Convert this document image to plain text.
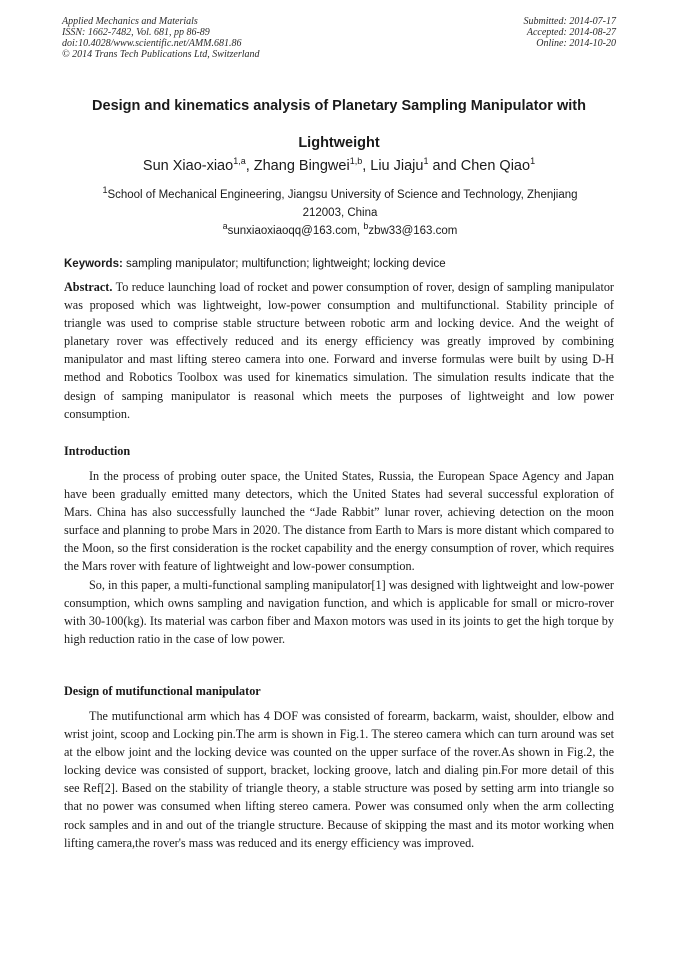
Applied Mechanics and Materials
ISSN: 1662-7482, Vol. 681, pp 86-89
doi:10.4028/www.scientific.net/AMM.681.86
© 2014 Trans Tech Publications Ltd, Switzerland
Submitted: 2014-07-17
Accepted: 2014-08-27
Online: 2014-10-20
Design and kinematics analysis of Planetary Sampling Manipulator with
Lightweight
Sun Xiao-xiao$^{1,a}$, Zhang Bingwei$^{1,b}$, Liu Jiaju$^1$ and Chen Qiao$^1$
$^1$School of Mechanical Engineering, Jiangsu University of Science and Technology, Zhenjiang
212003, China
$^a$sunxiaoxiaoqq@163.com, $^b$zbw33@163.com
Keywords: sampling manipulator; multifunction; lightweight; locking device
Abstract. To reduce launching load of rocket and power consumption of rover, design of sampling manipulator was proposed which was lightweight, low-power consumption and multifunctional. Stability principle of triangle was used to comprise stable structure between robotic arm and locking device. And the weight of planetary rover was effectively reduced and its energy efficiency was greatly improved by combining manipulator and mast lifting stereo camera into one. Forward and inverse formulas were built by using D-H method and Robotics Toolbox was used for kinematics simulation. The simulation results indicate that the design of samping manipulator is reasonal which meets the purposes of lightweight and low power consumption.
Introduction

In the process of probing outer space, the United States, Russia, the European Space Agency and Japan have been gradually emitted many detectors, which the United States had several successful exploration of Mars. China has also successfully launched the “Jade Rabbit” lunar rover, achieving detection on the moon surface and planning to probe Mars in 2020. The distance from Earth to Mars is more distant which compared to the Moon, so the first consideration is the rocket capability and the energy consumption of rover, which requires the Mars rover with feature of lightweight and low-power consumption.

So, in this paper, a multi-functional sampling manipulator[1] was designed with lightweight and low-power consumption, which owns sampling and navigation function, and which is applicable for small or micro-rover with 30-100(kg). Its material was carbon fiber and Maxon motors was used in its joints to get the high torque by high reduction ratio in the case of low power.

Design of mutifunctional manipulator

The mutifunctional arm which has 4 DOF was consisted of forearm, backarm, waist, shoulder, elbow and wrist joint, scoop and Locking pin.The arm is shown in Fig.1. The stereo camera which can turn around was set at the elbow joint and the locking device was counted on the upper surface of the rover.As shown in Fig.2, the locking device was consisted of support, bracket, locking groove, latch and dialing pin.For more detail of this see Ref[2]. Based on the stability of triangle theory, a stable structure was posed by setting arm into triangle so that no power was consumed when lifting stereo camera. Power was consumed only when the arm collecting rock samples and in and out of the triangle structure. Because of skipping the mast and its motor working when lifting camera,the rover's mass was reduced and its energy efficiency was improved.
